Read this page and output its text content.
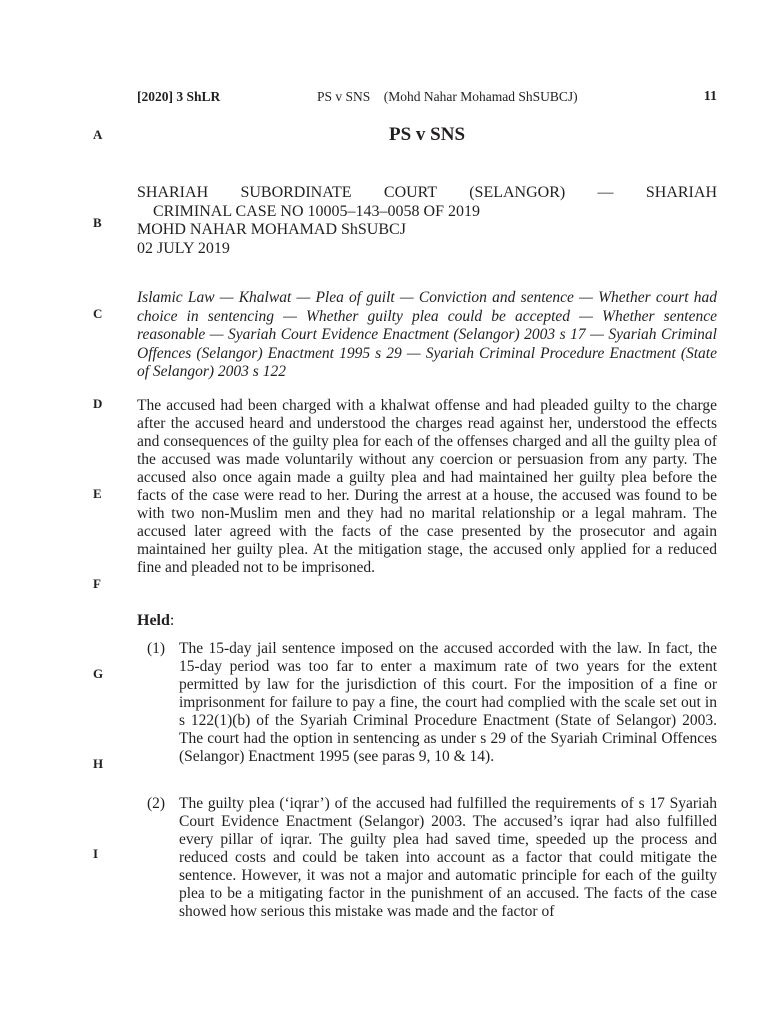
[2020] 3 ShLR	PS v SNS    (Mohd Nahar Mohamad ShSUBCJ)	11
A
B
C
D
E
F
G
H
I
PS v SNS
SHARIAH SUBORDINATE COURT (SELANGOR) — SHARIAH
CRIMINAL CASE NO 10005–143–0058 OF 2019
MOHD NAHAR MOHAMAD ShSUBCJ
02 JULY 2019
Islamic Law — Khalwat — Plea of guilt — Conviction and sentence — Whether court had choice in sentencing — Whether guilty plea could be accepted — Whether sentence reasonable — Syariah Court Evidence Enactment (Selangor) 2003 s 17 — Syariah Criminal Offences (Selangor) Enactment 1995 s 29 — Syariah Criminal Procedure Enactment (State of Selangor) 2003 s 122
The accused had been charged with a khalwat offense and had pleaded guilty to the charge after the accused heard and understood the charges read against her, understood the effects and consequences of the guilty plea for each of the offenses charged and all the guilty plea of the accused was made voluntarily without any coercion or persuasion from any party. The accused also once again made a guilty plea and had maintained her guilty plea before the facts of the case were read to her. During the arrest at a house, the accused was found to be with two non-Muslim men and they had no marital relationship or a legal mahram. The accused later agreed with the facts of the case presented by the prosecutor and again maintained her guilty plea. At the mitigation stage, the accused only applied for a reduced fine and pleaded not to be imprisoned.
Held:
(1) The 15-day jail sentence imposed on the accused accorded with the law. In fact, the 15-day period was too far to enter a maximum rate of two years for the extent permitted by law for the jurisdiction of this court. For the imposition of a fine or imprisonment for failure to pay a fine, the court had complied with the scale set out in s 122(1)(b) of the Syariah Criminal Procedure Enactment (State of Selangor) 2003. The court had the option in sentencing as under s 29 of the Syariah Criminal Offences (Selangor) Enactment 1995 (see paras 9, 10 & 14).
(2) The guilty plea (‘iqrar’) of the accused had fulfilled the requirements of s 17 Syariah Court Evidence Enactment (Selangor) 2003. The accused’s iqrar had also fulfilled every pillar of iqrar. The guilty plea had saved time, speeded up the process and reduced costs and could be taken into account as a factor that could mitigate the sentence. However, it was not a major and automatic principle for each of the guilty plea to be a mitigating factor in the punishment of an accused. The facts of the case showed how serious this mistake was made and the factor of
